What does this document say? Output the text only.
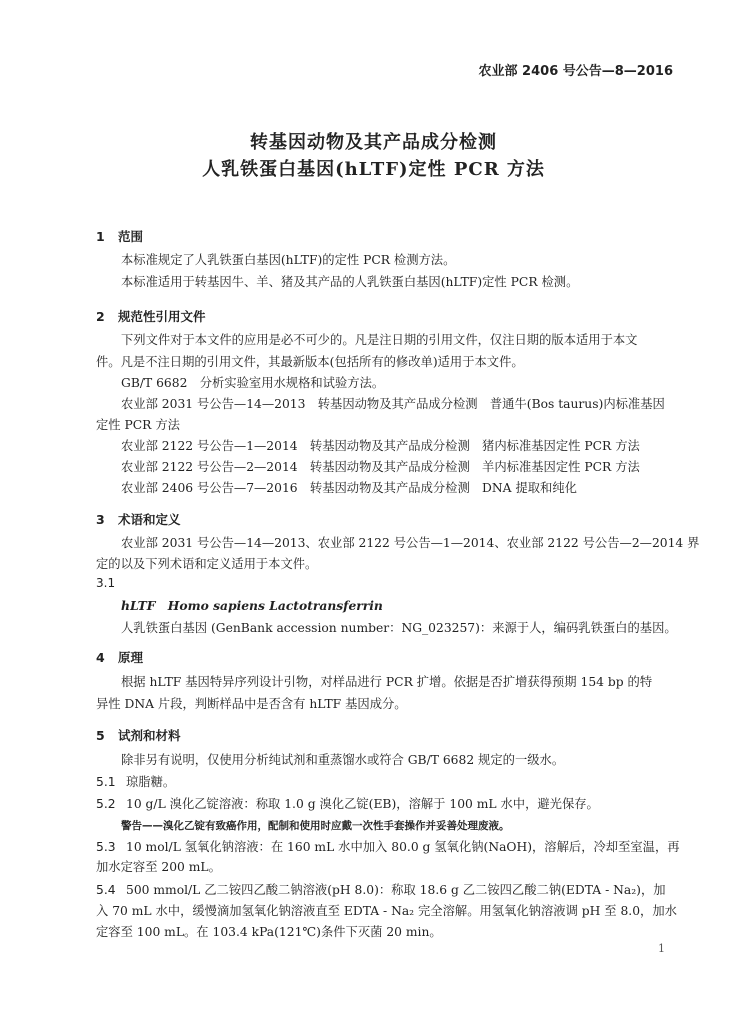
农业部 2406 号公告—8—2016
转基因动物及其产品成分检测
人乳铁蛋白基因(hLTF)定性 PCR 方法
1 范围
本标准规定了人乳铁蛋白基因(hLTF)的定性 PCR 检测方法。
本标准适用于转基因牛、羊、猪及其产品的人乳铁蛋白基因(hLTF)定性 PCR 检测。
2 规范性引用文件
下列文件对于本文件的应用是必不可少的。凡是注日期的引用文件，仅注日期的版本适用于本文
件。凡是不注日期的引用文件，其最新版本(包括所有的修改单)适用于本文件。
GB/T 6682　分析实验室用水规格和试验方法。
农业部 2031 号公告—14—2013　转基因动物及其产品成分检测　普通牛(Bos taurus)内标准基因
定性 PCR 方法
农业部 2122 号公告—1—2014　转基因动物及其产品成分检测　猪内标准基因定性 PCR 方法
农业部 2122 号公告—2—2014　转基因动物及其产品成分检测　羊内标准基因定性 PCR 方法
农业部 2406 号公告—7—2016　转基因动物及其产品成分检测　DNA 提取和纯化
3 术语和定义
农业部 2031 号公告—14—2013、农业部 2122 号公告—1—2014、农业部 2122 号公告—2—2014 界
定的以及下列术语和定义适用于本文件。
3.1
hLTF　Homo sapiens Lactotransferrin
人乳铁蛋白基因 (GenBank accession number：NG_023257)：来源于人，编码乳铁蛋白的基因。
4 原理
根据 hLTF 基因特异序列设计引物，对样品进行 PCR 扩增。依据是否扩增获得预期 154 bp 的特
异性 DNA 片段，判断样品中是否含有 hLTF 基因成分。
5 试剂和材料
除非另有说明，仅使用分析纯试剂和重蒸馏水或符合 GB/T 6682 规定的一级水。
5.1 琼脂糖。
5.2 10 g/L 溴化乙锭溶液：称取 1.0 g 溴化乙锭(EB)，溶解于 100 mL 水中，避光保存。
警告——溴化乙锭有致癌作用，配制和使用时应戴一次性手套操作并妥善处理废液。
5.3 10 mol/L 氢氧化钠溶液：在 160 mL 水中加入 80.0 g 氢氧化钠(NaOH)，溶解后，冷却至室温，再
加水定容至 200 mL。
5.4 500 mmol/L 乙二铵四乙酸二钠溶液(pH 8.0)：称取 18.6 g 乙二铵四乙酸二钠(EDTA - Na₂)，加
入 70 mL 水中，缓慢滴加氢氧化钠溶液直至 EDTA - Na₂ 完全溶解。用氢氧化钠溶液调 pH 至 8.0，加水
定容至 100 mL。在 103.4 kPa(121℃)条件下灭菌 20 min。
1
